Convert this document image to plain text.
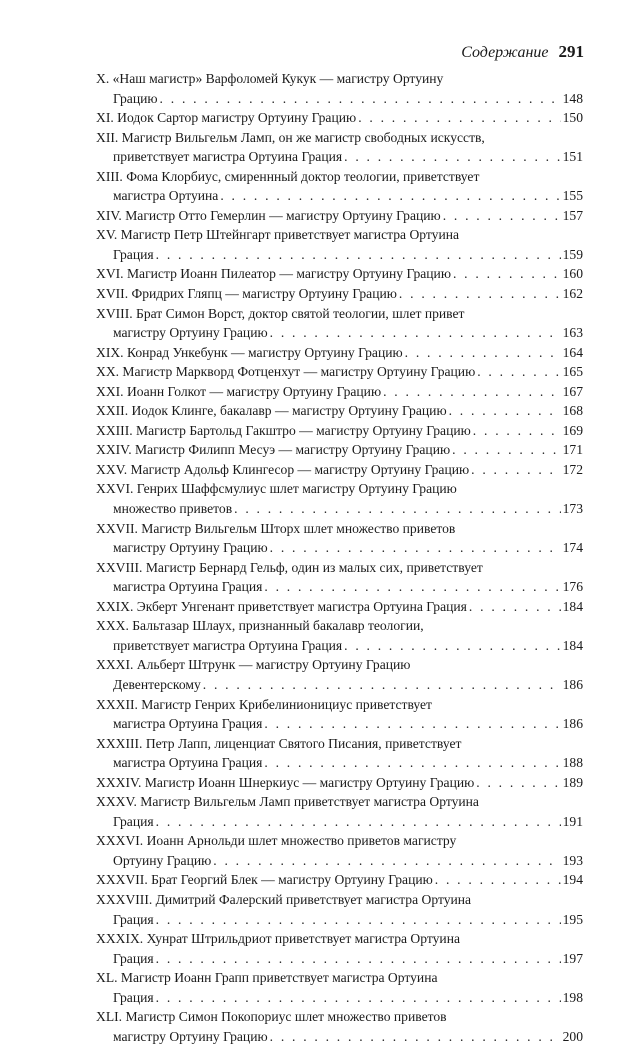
Содержание 291
X. «Наш магистр» Варфоломей Кукук — магистру Ортуину
Грацию . . .	148
XI. Иодок Сартор магистру Ортуину Грацию . . .	150
XII. Магистр Вильгельм Ламп, он же магистр свободных искусств,
приветствует магистра Ортуина Грация . . .	151
XIII. Фома Клорбиус, смиреннный доктор теологии, приветствует
магистра Ортуина . . .	155
XIV. Магистр Отто Гемерлин — магистру Ортуину Грацию . . .	157
XV. Магистр Петр Штейнгарт приветствует магистра Ортуина
Грация . . .	159
XVI. Магистр Иоанн Пилеатор — магистру Ортуину Грацию . . .	160
XVII. Фридрих Гляпц — магистру Ортуину Грацию . . .	162
XVIII. Брат Симон Ворст, доктор святой теологии, шлет привет
магистру Ортуину Грацию . . .	163
XIX. Конрад Ункебунк — магистру Ортуину Грацию . . .	164
XX. Магистр Маркворд Фотценхут — магистру Ортуину Грацию . . .	165
XXI. Иоанн Голкот — магистру Ортуину Грацию . . .	167
XXII. Иодок Клинге, бакалавр — магистру Ортуину Грацию . . .	168
XXIII. Магистр Бартольд Гакштро — магистру Ортуину Грацию . . .	169
XXIV. Магистр Филипп Месуэ — магистру Ортуину Грацию . . .	171
XXV. Магистр Адольф Клингесор — магистру Ортуину Грацию . . .	172
XXVI. Генрих Шаффсмулиус шлет магистру Ортуину Грацию
множество приветов . . .	173
XXVII. Магистр Вильгельм Шторх шлет множество приветов
магистру Ортуину Грацию . . .	174
XXVIII. Магистр Бернард Гельф, один из малых сих, приветствует
магистра Ортуина Грация . . .	176
XXIX. Экберт Унгенант приветствует магистра Ортуина Грация . . .	184
XXX. Бальтазар Шлаух, признанный бакалавр теологии,
приветствует магистра Ортуина Грация . . .	184
XXXI. Альберт Штрунк — магистру Ортуину Грацию
Девентерскому . . .	186
XXXII. Магистр Генрих Крибелинионициус приветствует
магистра Ортуина Грация . . .	186
XXXIII. Петр Лапп, лиценциат Святого Писания, приветствует
магистра Ортуина Грация . . .	188
XXXIV. Магистр Иоанн Шнеркиус — магистру Ортуину Грацию . . .	189
XXXV. Магистр Вильгельм Ламп приветствует магистра Ортуина
Грация . . .	191
XXXVI. Иоанн Арнольди шлет множество приветов магистру
Ортуину Грацию . . .	193
XXXVII. Брат Георгий Блек — магистру Ортуину Грацию . . .	194
XXXVIII. Димитрий Фалерский приветствует магистра Ортуина
Грация . . .	195
XXXIX. Хунрат Штрильдриот приветствует магистра Ортуина
Грация . . .	197
XL. Магистр Иоанн Грапп приветствует магистра Ортуина
Грация . . .	198
XLI. Магистр Симон Покопориус шлет множество приветов
магистру Ортуину Грацию . . .	200
